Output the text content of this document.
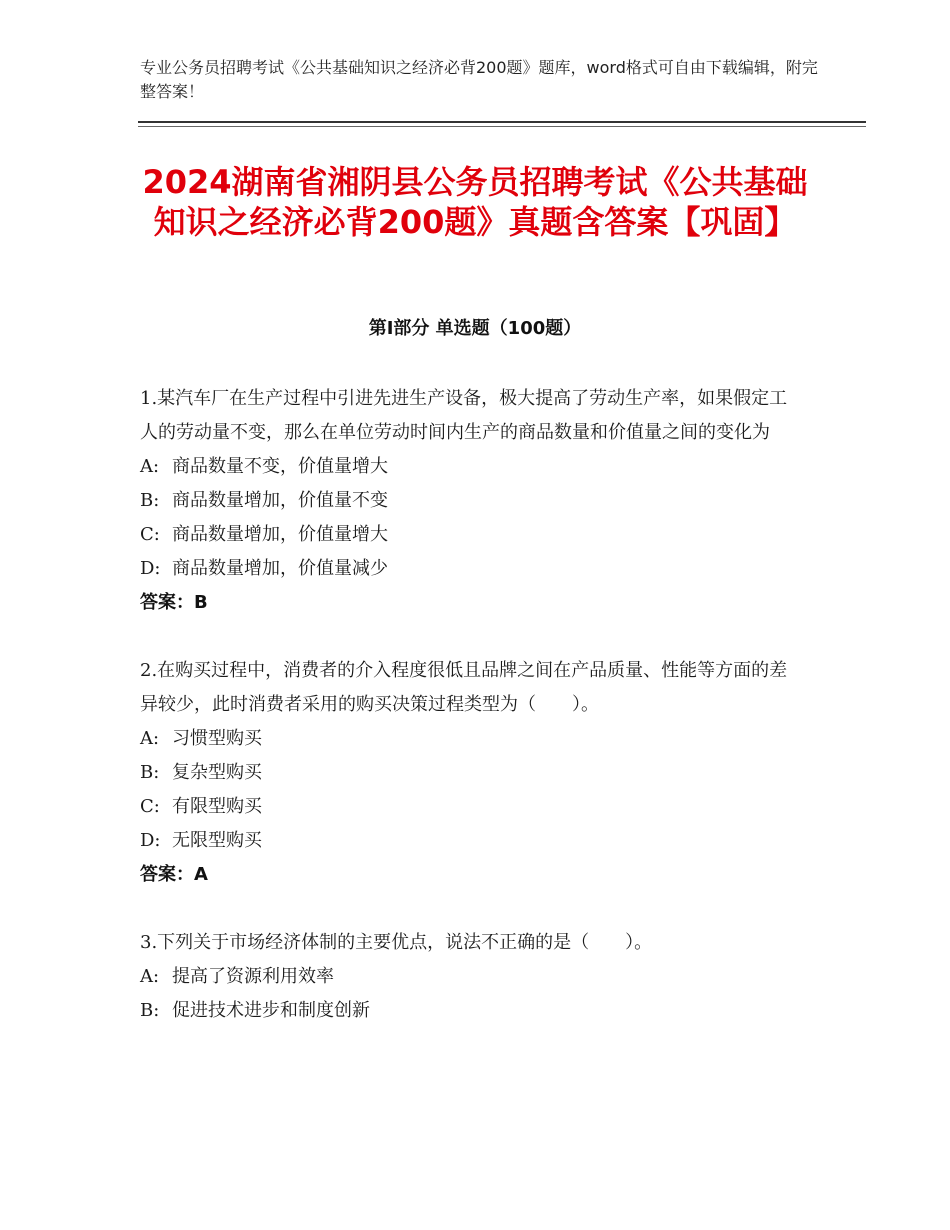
专业公务员招聘考试《公共基础知识之经济必背200题》题库，word格式可自由下载编辑，附完整答案！
2024湖南省湘阴县公务员招聘考试《公共基础知识之经济必背200题》真题含答案【巩固】
第I部分 单选题（100题）
1.某汽车厂在生产过程中引进先进生产设备，极大提高了劳动生产率，如果假定工人的劳动量不变，那么在单位劳动时间内生产的商品数量和价值量之间的变化为
A: 商品数量不变，价值量增大
B: 商品数量增加，价值量不变
C: 商品数量增加，价值量增大
D: 商品数量增加，价值量减少
答案：B
2.在购买过程中，消费者的介入程度很低且品牌之间在产品质量、性能等方面的差异较少，此时消费者采用的购买决策过程类型为（　　）。
A: 习惯型购买
B: 复杂型购买
C: 有限型购买
D: 无限型购买
答案：A
3.下列关于市场经济体制的主要优点，说法不正确的是（　　）。
A: 提高了资源利用效率
B: 促进技术进步和制度创新
